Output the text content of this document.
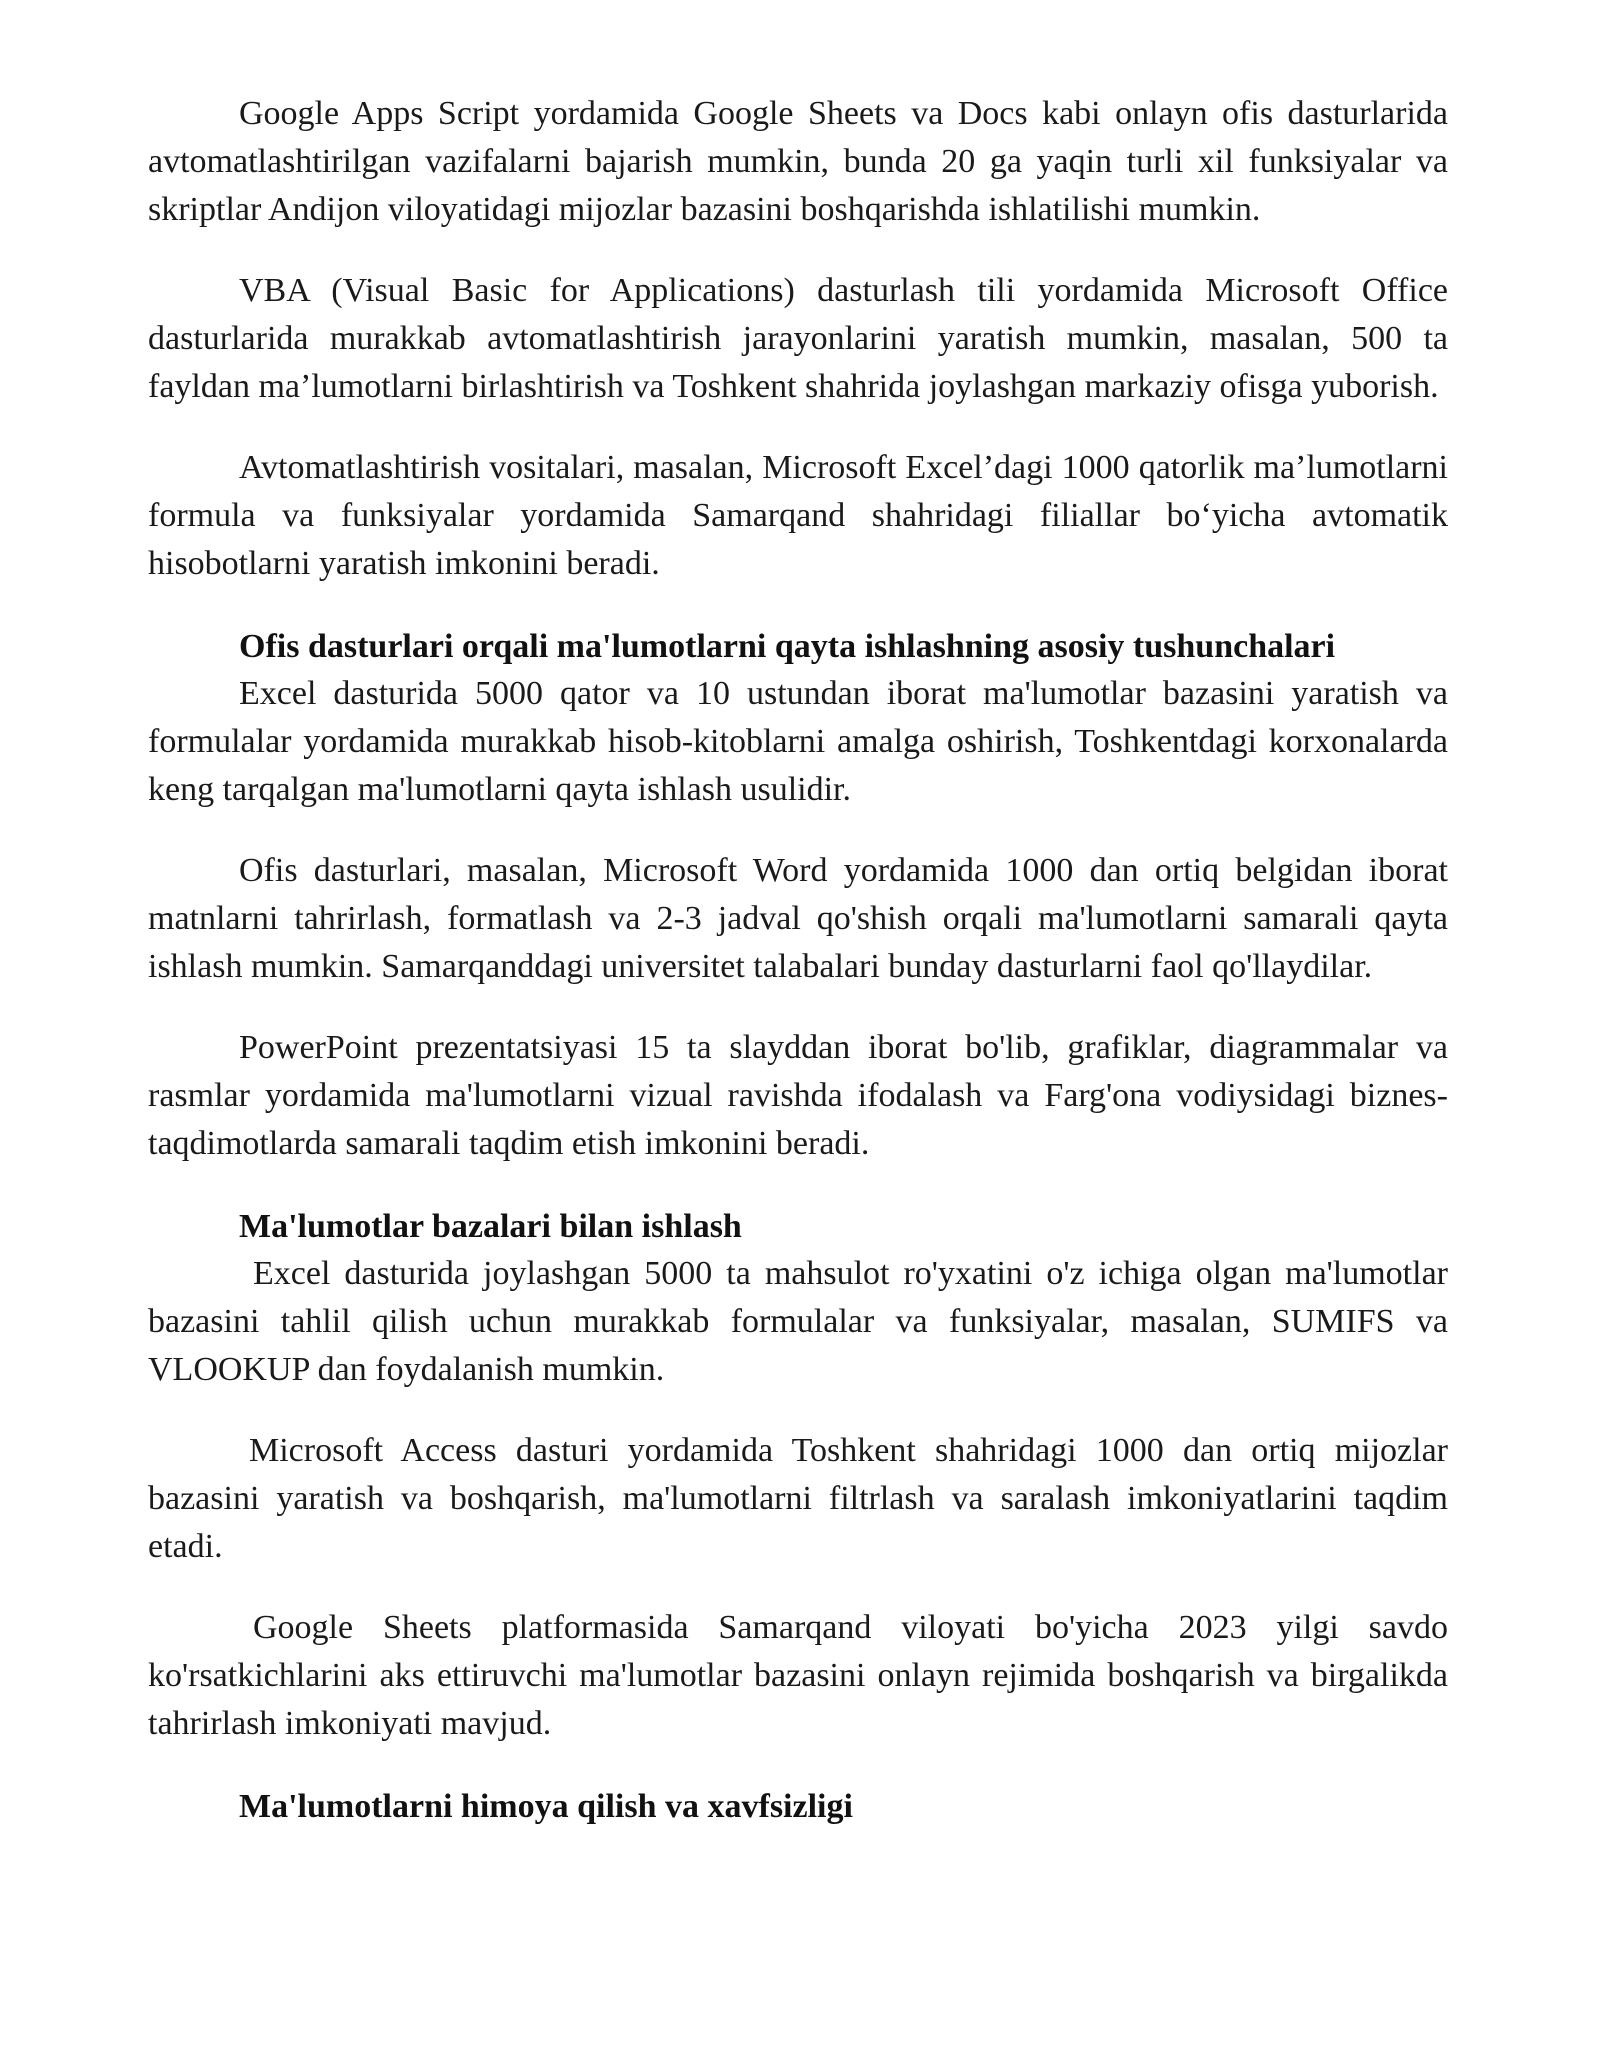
Google Apps Script yordamida Google Sheets va Docs kabi onlayn ofis dasturlarida avtomatlashtirilgan vazifalarni bajarish mumkin, bunda 20 ga yaqin turli xil funksiyalar va skriptlar Andijon viloyatidagi mijozlar bazasini boshqarishda ishlatilishi mumkin.

VBA (Visual Basic for Applications) dasturlash tili yordamida Microsoft Office dasturlarida murakkab avtomatlashtirish jarayonlarini yaratish mumkin, masalan, 500 ta fayldan ma’lumotlarni birlashtirish va Toshkent shahrida joylashgan markaziy ofisga yuborish.

Avtomatlashtirish vositalari, masalan, Microsoft Excel’dagi 1000 qatorlik ma’lumotlarni formula va funksiyalar yordamida Samarqand shahridagi filiallar bo‘yicha avtomatik hisobotlarni yaratish imkonini beradi.

Ofis dasturlari orqali ma'lumotlarni qayta ishlashning asosiy tushunchalari

Excel dasturida 5000 qator va 10 ustundan iborat ma'lumotlar bazasini yaratish va formulalar yordamida murakkab hisob-kitoblarni amalga oshirish, Toshkentdagi korxonalarda keng tarqalgan ma'lumotlarni qayta ishlash usulidir.

Ofis dasturlari, masalan, Microsoft Word yordamida 1000 dan ortiq belgidan iborat matnlarni tahrirlash, formatlash va 2-3 jadval qo'shish orqali ma'lumotlarni samarali qayta ishlash mumkin. Samarqanddagi universitet talabalari bunday dasturlarni faol qo'llaydilar.

PowerPoint prezentatsiyasi 15 ta slayddan iborat bo'lib, grafiklar, diagrammalar va rasmlar yordamida ma'lumotlarni vizual ravishda ifodalash va Farg'ona vodiysidagi biznes-taqdimotlarda samarali taqdim etish imkonini beradi.

Ma'lumotlar bazalari bilan ishlash

Excel dasturida joylashgan 5000 ta mahsulot ro'yxatini o'z ichiga olgan ma'lumotlar bazasini tahlil qilish uchun murakkab formulalar va funksiyalar, masalan, SUMIFS va VLOOKUP dan foydalanish mumkin.

Microsoft Access dasturi yordamida Toshkent shahridagi 1000 dan ortiq mijozlar bazasini yaratish va boshqarish, ma'lumotlarni filtrlash va saralash imkoniyatlarini taqdim etadi.

Google Sheets platformasida Samarqand viloyati bo'yicha 2023 yilgi savdo ko'rsatkichlarini aks ettiruvchi ma'lumotlar bazasini onlayn rejimida boshqarish va birgalikda tahrirlash imkoniyati mavjud.

Ma'lumotlarni himoya qilish va xavfsizligi
